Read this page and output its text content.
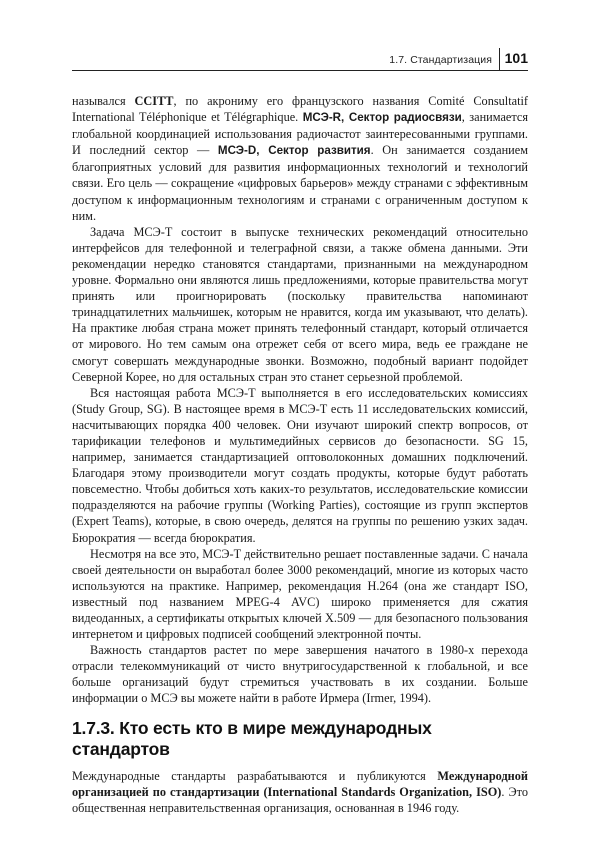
1.7. Стандартизация 101

назывался CCITT, по акрониму его французского названия Comité Consultatif International Téléphonique et Télégraphique. МСЭ-R, Сектор радиосвязи, занимается глобальной координацией использования радиочастот заинтересованными группами. И последний сектор — МСЭ-D, Сектор развития. Он занимается созданием благоприятных условий для развития информационных технологий и технологий связи. Его цель — сокращение «цифровых барьеров» между странами с эффективным доступом к информационным технологиям и странами с ограниченным доступом к ним.

Задача МСЭ-T состоит в выпуске технических рекомендаций относительно интерфейсов для телефонной и телеграфной связи, а также обмена данными. Эти рекомендации нередко становятся стандартами, признанными на международном уровне. Формально они являются лишь предложениями, которые правительства могут принять или проигнорировать (поскольку правительства напоминают тринадцатилетних мальчишек, которым не нравится, когда им указывают, что делать). На практике любая страна может принять телефонный стандарт, который отличается от мирового. Но тем самым она отрежет себя от всего мира, ведь ее граждане не смогут совершать международные звонки. Возможно, подобный вариант подойдет Северной Корее, но для остальных стран это станет серьезной проблемой.

Вся настоящая работа МСЭ-T выполняется в его исследовательских комиссиях (Study Group, SG). В настоящее время в МСЭ-T есть 11 исследовательских комиссий, насчитывающих порядка 400 человек. Они изучают широкий спектр вопросов, от тарификации телефонов и мультимедийных сервисов до безопасности. SG 15, например, занимается стандартизацией оптоволоконных домашних подключений. Благодаря этому производители могут создать продукты, которые будут работать повсеместно. Чтобы добиться хоть каких-то результатов, исследовательские комиссии подразделяются на рабочие группы (Working Parties), состоящие из групп экспертов (Expert Teams), которые, в свою очередь, делятся на группы по решению узких задач. Бюрократия — всегда бюрократия.

Несмотря на все это, МСЭ-T действительно решает поставленные задачи. С начала своей деятельности он выработал более 3000 рекомендаций, многие из которых часто используются на практике. Например, рекомендация H.264 (она же стандарт ISO, известный под названием MPEG-4 AVC) широко применяется для сжатия видеоданных, а сертификаты открытых ключей X.509 — для безопасного пользования интернетом и цифровых подписей сообщений электронной почты.

Важность стандартов растет по мере завершения начатого в 1980-х перехода отрасли телекоммуникаций от чисто внутригосударственной к глобальной, и все больше организаций будут стремиться участвовать в их создании. Больше информации о МСЭ вы можете найти в работе Ирмера (Irmer, 1994).

1.7.3. Кто есть кто в мире международных стандартов

Международные стандарты разрабатываются и публикуются Международной организацией по стандартизации (International Standards Organization, ISO). Это общественная неправительственная организация, основанная в 1946 году.
